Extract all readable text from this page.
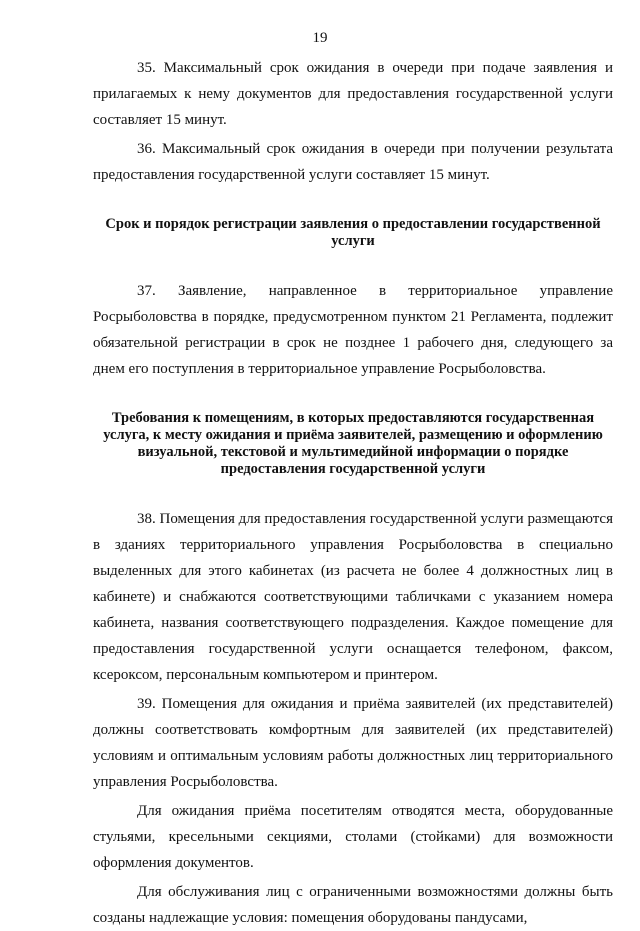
19

35. Максимальный срок ожидания в очереди при подаче заявления и прилагаемых к нему документов для предоставления государственной услуги составляет 15 минут.

36. Максимальный срок ожидания в очереди при получении результата предоставления государственной услуги составляет 15 минут.

Срок и порядок регистрации заявления о предоставлении государственной услуги

37. Заявление, направленное в территориальное управление Росрыболовства в порядке, предусмотренном пунктом 21 Регламента, подлежит обязательной регистрации в срок не позднее 1 рабочего дня, следующего за днем его поступления в территориальное управление Росрыболовства.

Требования к помещениям, в которых предоставляются государственная услуга, к месту ожидания и приёма заявителей, размещению и оформлению визуальной, текстовой и мультимедийной информации о порядке предоставления государственной услуги

38. Помещения для предоставления государственной услуги размещаются в зданиях территориального управления Росрыболовства в специально выделенных для этого кабинетах (из расчета не более 4 должностных лиц в кабинете) и снабжаются соответствующими табличками с указанием номера кабинета, названия соответствующего подразделения. Каждое помещение для предоставления государственной услуги оснащается телефоном, факсом, ксероксом, персональным компьютером и принтером.

39. Помещения для ожидания и приёма заявителей (их представителей) должны соответствовать комфортным для заявителей (их представителей) условиям и оптимальным условиям работы должностных лиц территориального управления Росрыболовства.

Для ожидания приёма посетителям отводятся места, оборудованные стульями, кресельными секциями, столами (стойками) для возможности оформления документов.

Для обслуживания лиц с ограниченными возможностями должны быть созданы надлежащие условия: помещения оборудованы пандусами,
